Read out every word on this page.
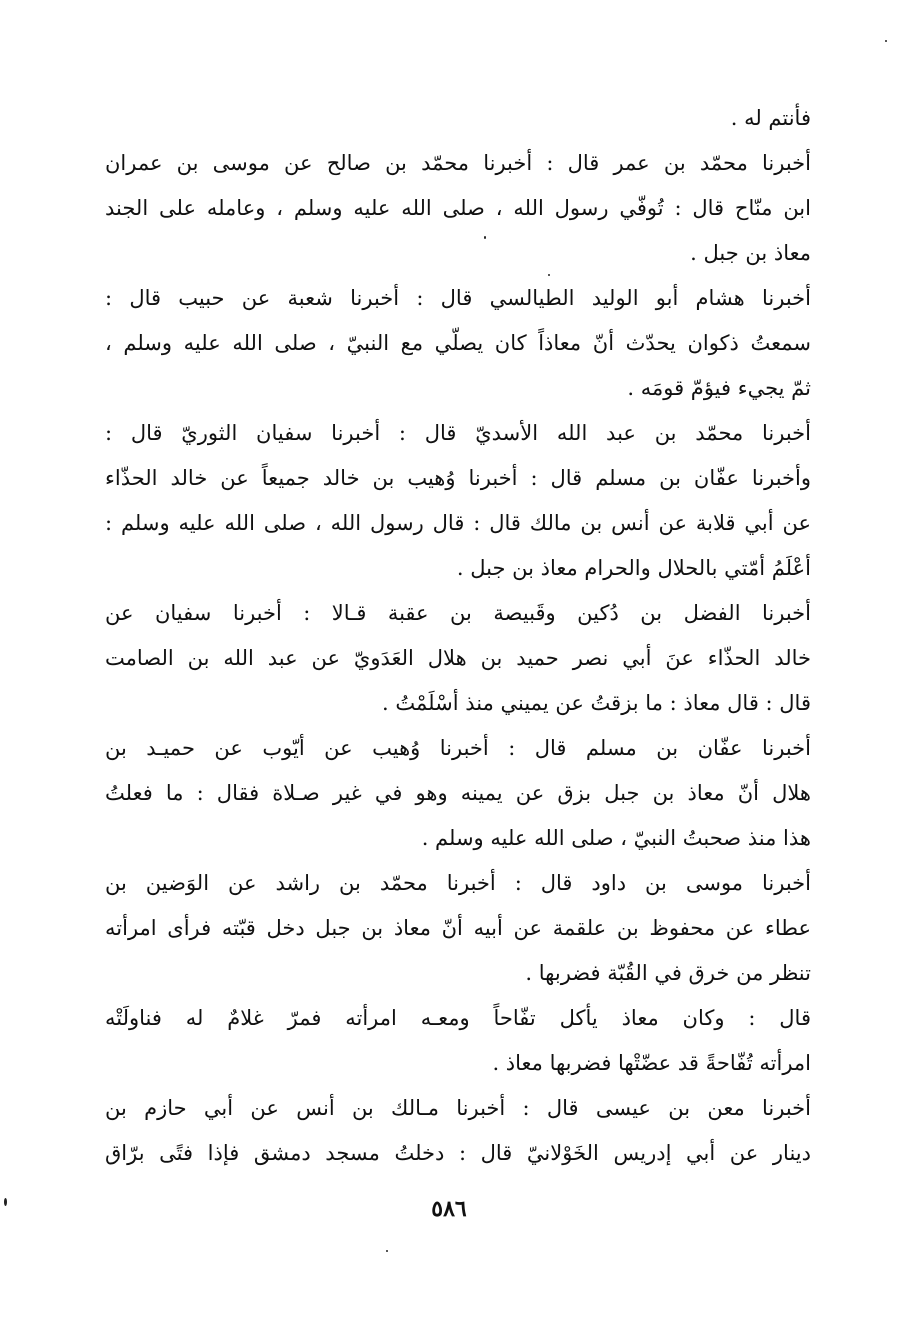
فأنتم له .
أخبرنا محمّد بن عمر قال : أخبرنا محمّد بن صالح عن موسى بن عمران
ابن منّاح قال : تُوفّي رسول الله ، صلى الله عليه وسلم ، وعامله على الجند
معاذ بن جبل .
أخبرنا هشام أبو الوليد الطيالسي قال : أخبرنا شعبة عن حبيب قال :
سمعتُ ذكوان يحدّث أنّ معاذاً كان يصلّي مع النبيّ ، صلى الله عليه وسلم ،
ثمّ يجيء فيؤمّ قومَه .
أخبرنا محمّد بن عبد الله الأسديّ قال : أخبرنا سفيان الثوريّ قال :
وأخبرنا عفّان بن مسلم قال : أخبرنا وُهيب بن خالد جميعاً عن خالد الحذّاء
عن أبي قلابة عن أنس بن مالك قال : قال رسول الله ، صلى الله عليه وسلم :
أعْلَمُ أمّتي بالحلال والحرام معاذ بن جبل .
أخبرنا الفضل بن دُكين وقَبيصة بن عقبة قـالا : أخبرنا سفيان عن
خالد الحذّاء عنَ أبي نصر حميد بن هلال العَدَويّ عن عبد الله بن الصامت
قال : قال معاذ : ما بزقتُ عن يميني منذ أسْلَمْتُ .
أخبرنا عفّان بن مسلم قال : أخبرنا وُهيب عن أيّوب عن حميـد بن
هلال أنّ معاذ بن جبل بزق عن يمينه وهو في غير صـلاة فقال : ما فعلتُ
هذا منذ صحبتُ النبيّ ، صلى الله عليه وسلم .
أخبرنا موسى بن داود قال : أخبرنا محمّد بن راشد عن الوَضين بن
عطاء عن محفوظ بن علقمة عن أبيه أنّ معاذ بن جبل دخل قبّته فرأى امرأته
تنظر من خرق في القُبّة فضربها .
قال : وكان معاذ يأكل تفّاحاً ومعـه امرأته فمرّ غلامٌ له فناولَتْه
امرأته تُفّاحةً قد عضّتْها فضربها معاذ .
أخبرنا معن بن عيسى قال : أخبرنا مـالك بن أنس عن أبي حازم بن
دينار عن أبي إدريس الخَوْلانيّ قال : دخلتُ مسجد دمشق فإذا فتًى برّاق
٥٨٦
